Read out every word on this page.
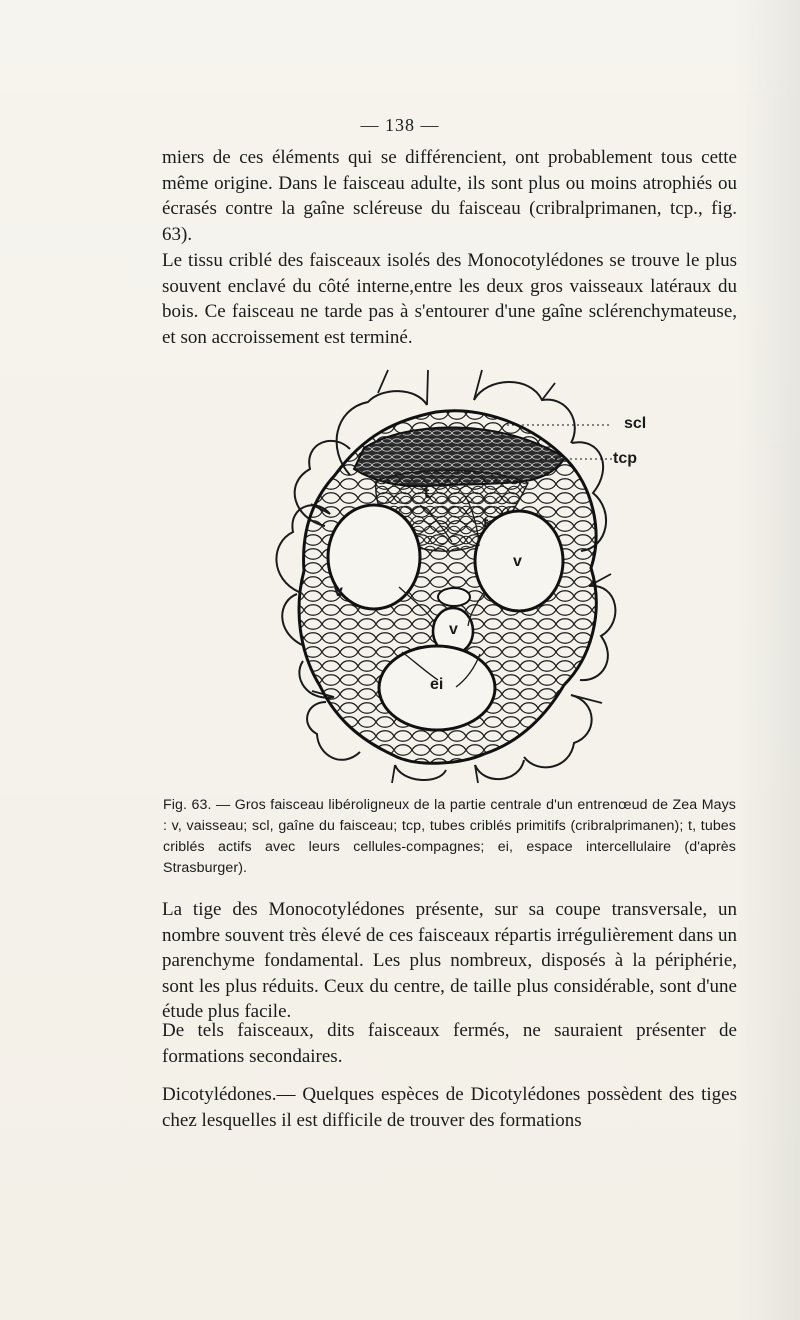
— 138 —
miers de ces éléments qui se différencient, ont probablement tous cette même origine. Dans le faisceau adulte, ils sont plus ou moins atrophiés ou écrasés contre la gaîne scléreuse du faisceau (cribralprimanen, tcp., fig. 63).
Le tissu criblé des faisceaux isolés des Monocotylédones se trouve le plus souvent enclavé du côté interne,entre les deux gros vaisseaux latéraux du bois. Ce faisceau ne tarde pas à s'entourer d'une gaîne sclérenchymateuse, et son accroissement est terminé.
scl
tcp
t
t
v
v
v
ei
Fig. 63. — Gros faisceau libéroligneux de la partie centrale d'un entrenœud de Zea Mays : v, vaisseau; scl, gaîne du faisceau; tcp, tubes criblés primitifs (cribralprimanen); t, tubes criblés actifs avec leurs cellules-compagnes; ei, espace intercellulaire (d'après Strasburger).
La tige des Monocotylédones présente, sur sa coupe transversale, un nombre souvent très élevé de ces faisceaux répartis irrégulièrement dans un parenchyme fondamental. Les plus nombreux, disposés à la périphérie, sont les plus réduits. Ceux du centre, de taille plus considérable, sont d'une étude plus facile.
De tels faisceaux, dits faisceaux fermés, ne sauraient présenter de formations secondaires.
Dicotylédones.— Quelques espèces de Dicotylédones possèdent des tiges chez lesquelles il est difficile de trouver des formations
